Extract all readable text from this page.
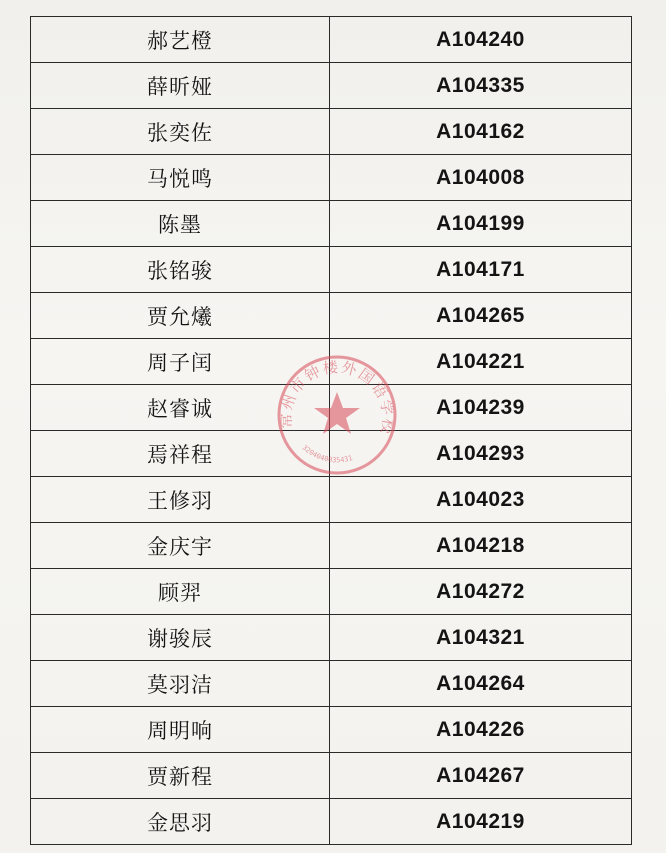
郝艺橙	A104240
薛昕娅	A104335
张奕佐	A104162
马悦鸣	A104008
陈墨	A104199
张铭骏	A104171
贾允爔	A104265
周子闰	A104221
赵睿诚	A104239
焉祥程	A104293
王修羽	A104023
金庆宇	A104218
顾羿	A104272
谢骏辰	A104321
莫羽洁	A104264
周明响	A104226
贾新程	A104267
金思羽	A104219
常州市钟楼外国语学校
3204040035431
